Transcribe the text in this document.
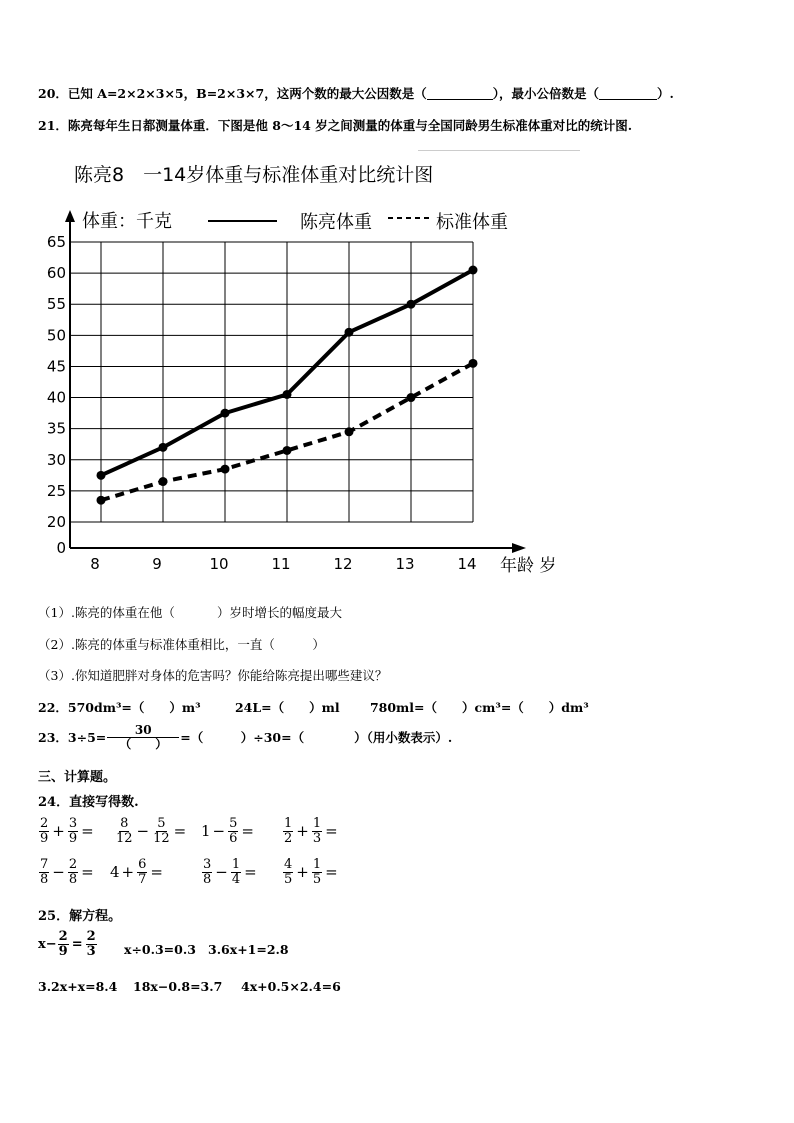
20．已知 A=2×2×3×5，B=2×3×7，这两个数的最大公因数是（	），最小公倍数是（	）.
21．陈亮每年生日都测量体重．下图是他 8～14 岁之间测量的体重与全国同龄男生标准体重对比的统计图.
陈亮8　一14岁体重与标准体重对比统计图
0
20
25
30
35
40
45
50
55
60
65
8	9	10	11	12	13	14
体重：千克
年龄 岁
陈亮体重	标准体重
（1）.陈亮的体重在他（	）岁时增长的幅度最大
（2）.陈亮的体重与标准体重相比，一直（　　　）
（3）.你知道肥胖对身体的危害吗？你能给陈亮提出哪些建议？
22．570dm³=（　　）m³	24L=（　　）ml 780ml=（　　）cm³=（　　）dm³
23．$3\div 5= \frac{30}{( )}$ =（　　　）÷30=（　　　　）（用小数表示）.
三、计算题。
24．直接写得数.
$\frac{2}{9} + \frac{3}{9} = \frac{8}{12} - \frac{5}{12} = 1 - \frac{5}{6} = \frac{1}{2} + \frac{1}{3}$ =
$\frac{7}{8} - \frac{2}{8} = 4 + \frac{6}{7}$ =	$\frac{3}{8} - \frac{1}{4} = \frac{4}{5} + \frac{1}{5}$ =
25．解方程。
$x- \frac{2}{9} = \frac{2}{3} x\div 0.3=0.3$ 3.6x+1=2.8
3.2x+x=8.4 18x−0.8=3.7 4x+0.5×2.4=6
